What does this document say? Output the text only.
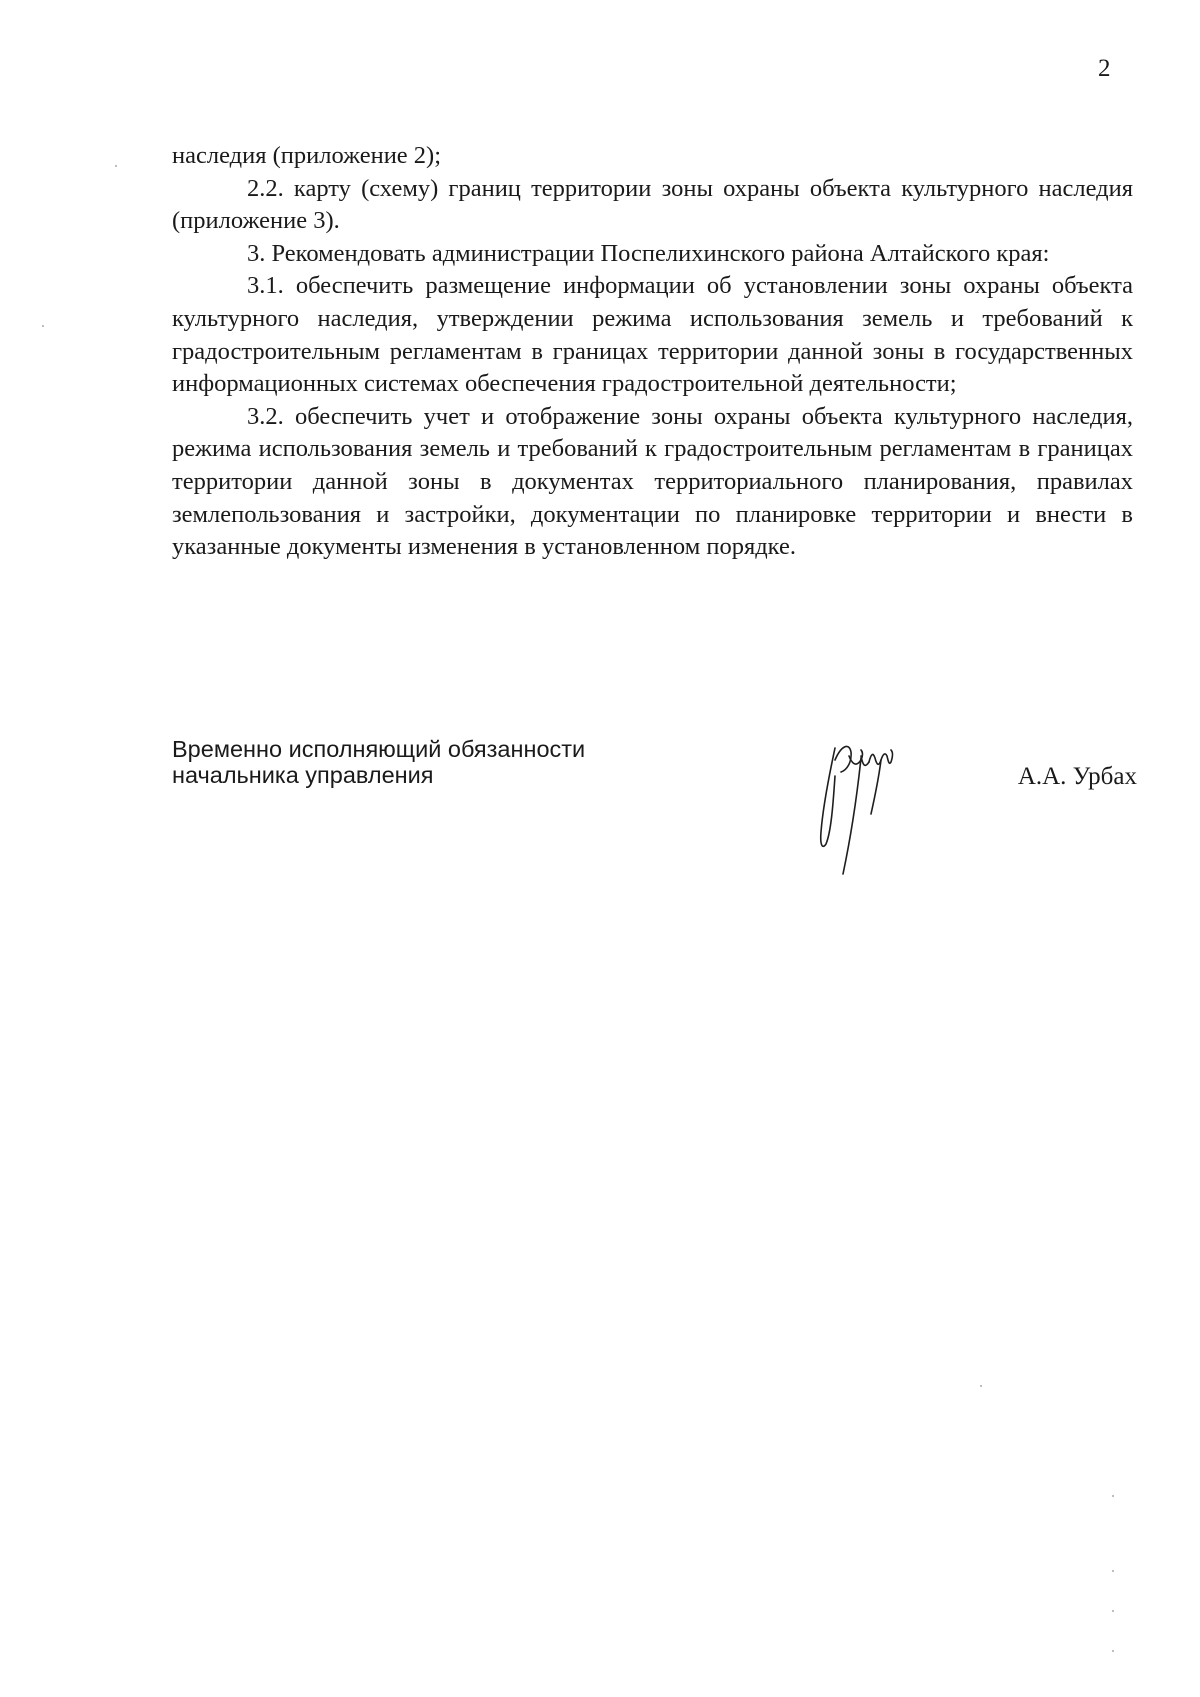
2

наследия (приложение 2);

2.2. карту (схему) границ территории зоны охраны объекта культурного наследия (приложение 3).

3. Рекомендовать администрации Поспелихинского района Алтайского края:

3.1. обеспечить размещение информации об установлении зоны охраны объекта культурного наследия, утверждении режима использования земель и требований к градостроительным регламентам в границах территории данной зоны в государственных информационных системах обеспечения градостроительной деятельности;

3.2. обеспечить учет и отображение зоны охраны объекта культурного наследия, режима использования земель и требований к градостроительным регламентам в границах территории данной зоны в документах территориального планирования, правилах землепользования и застройки, документации по планировке территории и внести в указанные документы изменения в установленном порядке.

Временно исполняющий обязанности
начальника управления	А.А. Урбах
